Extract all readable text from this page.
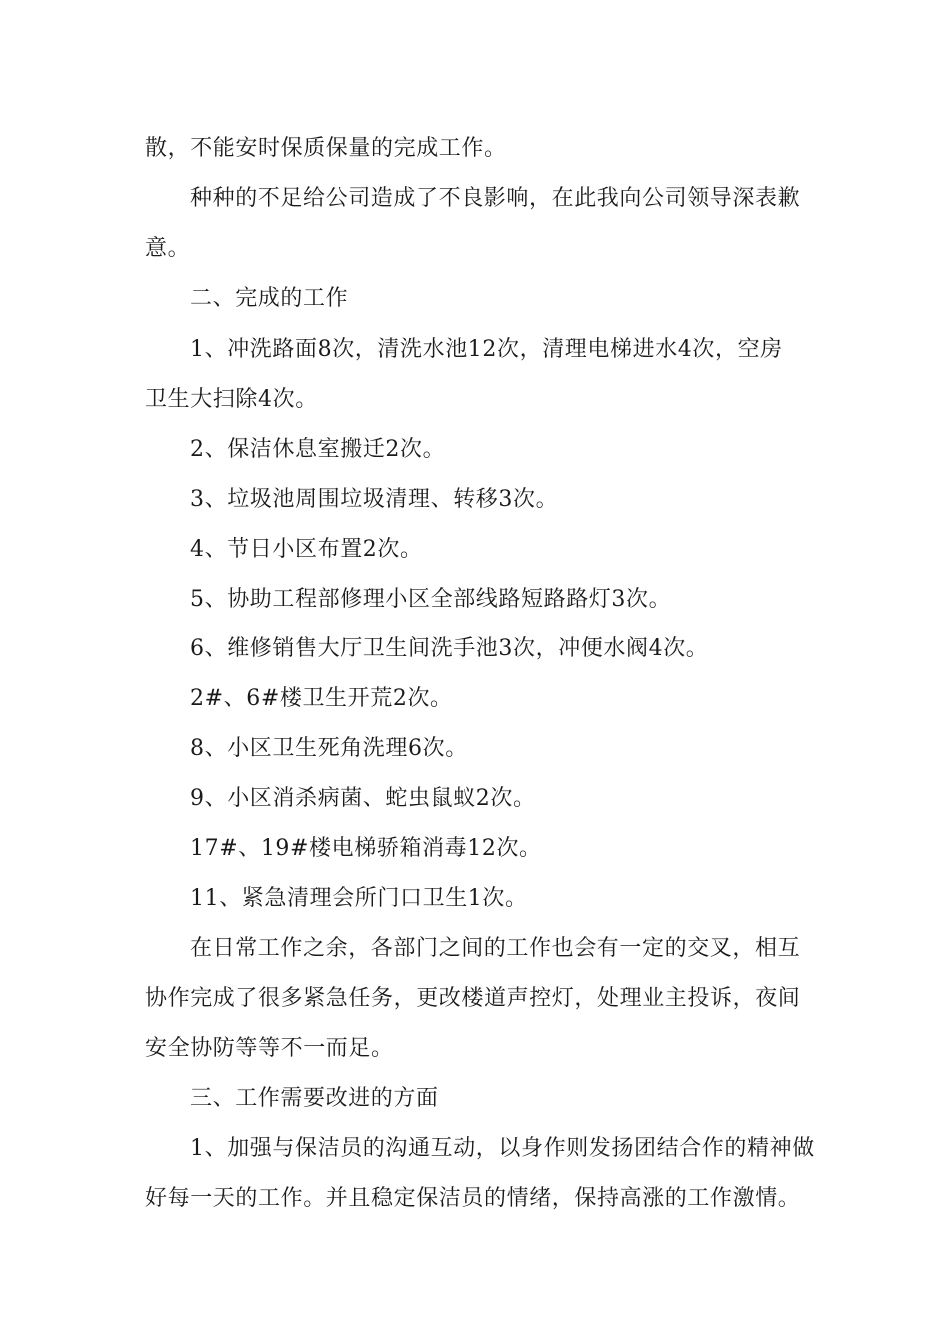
散，不能安时保质保量的完成工作。
种种的不足给公司造成了不良影响，在此我向公司领导深表歉
意。
二、完成的工作
1、冲洗路面8次，清洗水池12次，清理电梯进水4次，空房
卫生大扫除4次。
2、保洁休息室搬迁2次。
3、垃圾池周围垃圾清理、转移3次。
4、节日小区布置2次。
5、协助工程部修理小区全部线路短路路灯3次。
6、维修销售大厅卫生间洗手池3次，冲便水阀4次。
2#、6#楼卫生开荒2次。
8、小区卫生死角洗理6次。
9、小区消杀病菌、蛇虫鼠蚁2次。
17#、19#楼电梯骄箱消毒12次。
11、紧急清理会所门口卫生1次。
在日常工作之余，各部门之间的工作也会有一定的交叉，相互
协作完成了很多紧急任务，更改楼道声控灯，处理业主投诉，夜间
安全协防等等不一而足。
三、工作需要改进的方面
1、加强与保洁员的沟通互动，以身作则发扬团结合作的精神做
好每一天的工作。并且稳定保洁员的情绪，保持高涨的工作激情。
